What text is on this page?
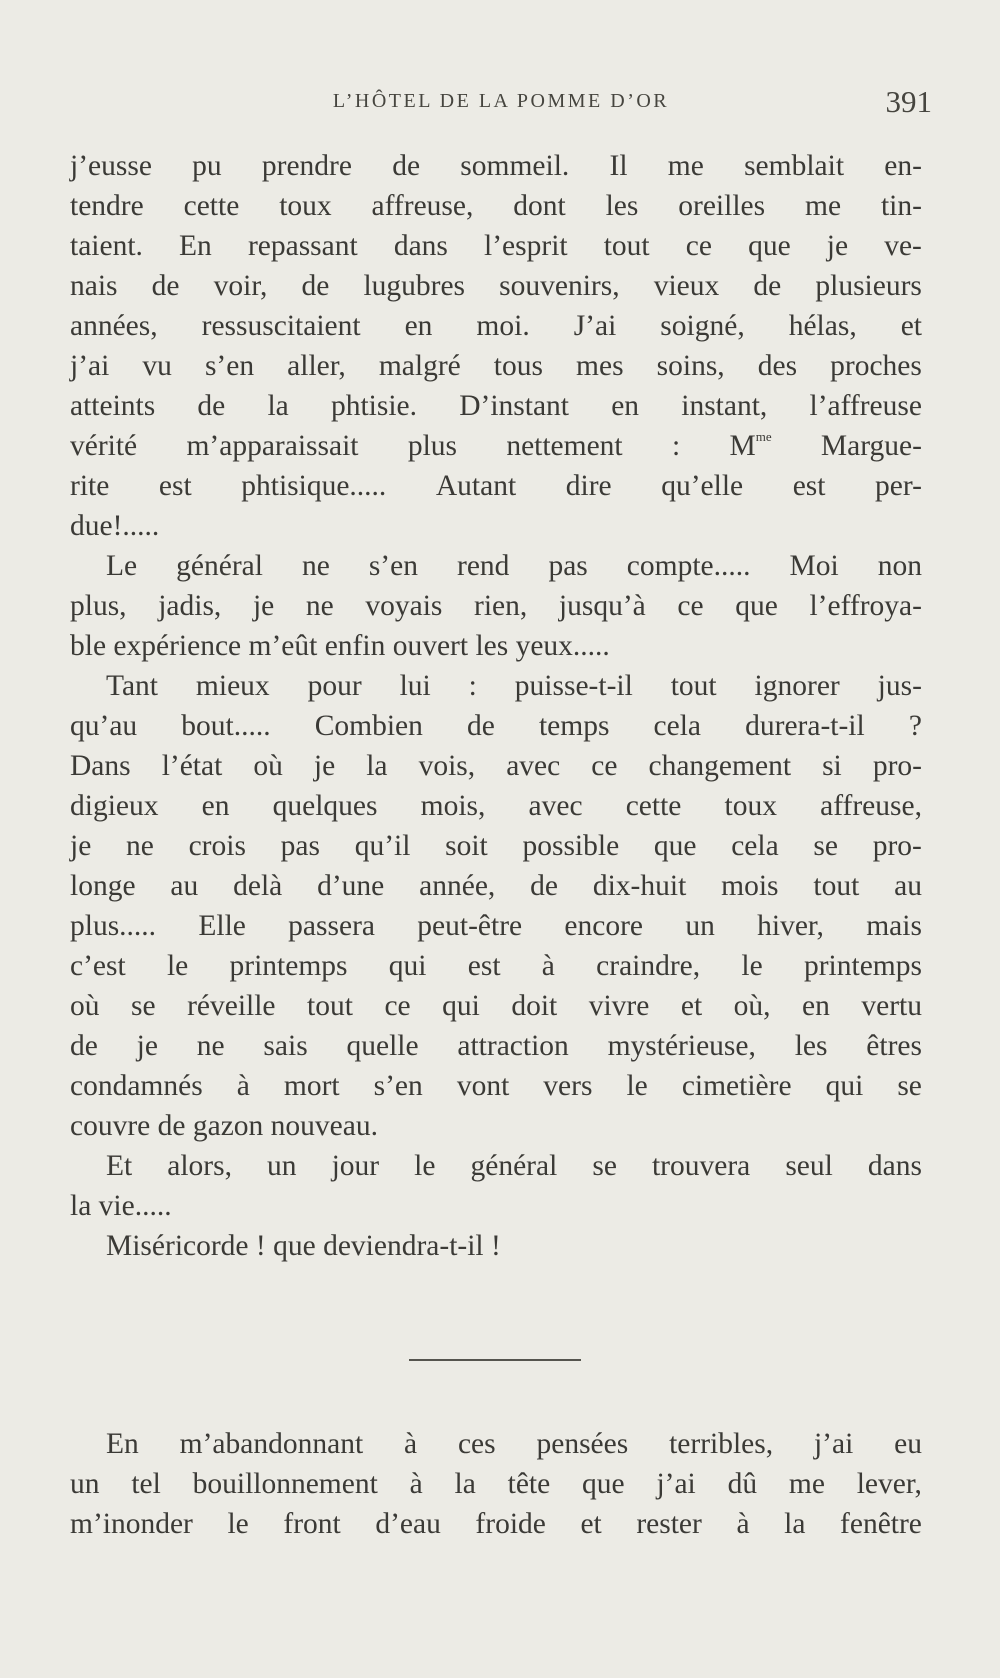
L’HÔTEL DE LA POMME D’OR	391
j’eusse pu prendre de sommeil. Il me semblait en-
tendre cette toux affreuse, dont les oreilles me tin-
taient. En repassant dans l’esprit tout ce que je ve-
nais de voir, de lugubres souvenirs, vieux de plusieurs
années, ressuscitaient en moi. J’ai soigné, hélas, et
j’ai vu s’en aller, malgré tous mes soins, des proches
atteints de la phtisie. D’instant en instant, l’affreuse
vérité m’apparaissait plus nettement : $M^{me}$ Margue-
rite est phtisique..... Autant dire qu’elle est per-
due!.....
Le général ne s’en rend pas compte..... Moi non
plus, jadis, je ne voyais rien, jusqu’à ce que l’effroya-
ble expérience m’eût enfin ouvert les yeux.....
Tant mieux pour lui : puisse-t-il tout ignorer jus-
qu’au bout..... Combien de temps cela durera-t-il ?
Dans l’état où je la vois, avec ce changement si pro-
digieux en quelques mois, avec cette toux affreuse,
je ne crois pas qu’il soit possible que cela se pro-
longe au delà d’une année, de dix-huit mois tout au
plus..... Elle passera peut-être encore un hiver, mais
c’est le printemps qui est à craindre, le printemps
où se réveille tout ce qui doit vivre et où, en vertu
de je ne sais quelle attraction mystérieuse, les êtres
condamnés à mort s’en vont vers le cimetière qui se
couvre de gazon nouveau.
Et alors, un jour le général se trouvera seul dans
la vie.....
Miséricorde ! que deviendra-t-il !
En m’abandonnant à ces pensées terribles, j’ai eu
un tel bouillonnement à la tête que j’ai dû me lever,
m’inonder le front d’eau froide et rester à la fenêtre
